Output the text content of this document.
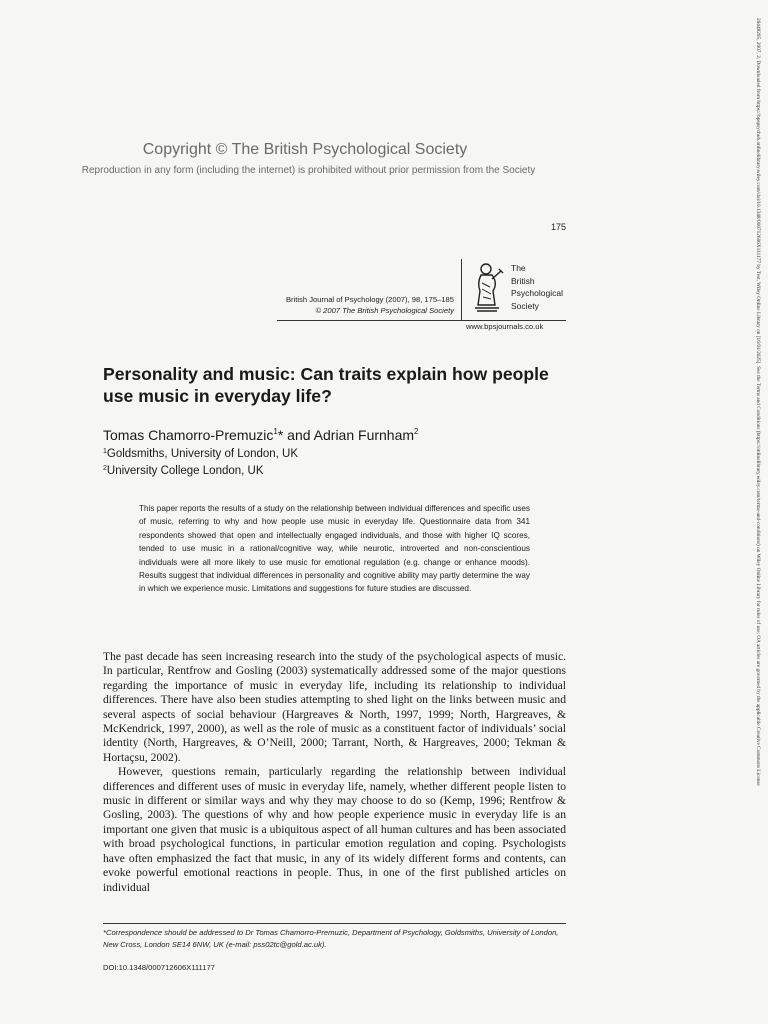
Copyright © The British Psychological Society
Reproduction in any form (including the internet) is prohibited without prior permission from the Society
175
British Journal of Psychology (2007), 98, 175–185
© 2007 The British Psychological Society
The
British
Psychological
Society
www.bpsjournals.co.uk
Personality and music: Can traits explain how people use music in everyday life?
Tomas Chamorro-Premuzic$^1$* and Adrian Furnham$^2$
$^1$Goldsmiths, University of London, UK
$^2$University College London, UK
This paper reports the results of a study on the relationship between individual differences and specific uses of music, referring to why and how people use music in everyday life. Questionnaire data from 341 respondents showed that open and intellectually engaged individuals, and those with higher IQ scores, tended to use music in a rational/cognitive way, while neurotic, introverted and non-conscientious individuals were all more likely to use music for emotional regulation (e.g. change or enhance moods). Results suggest that individual differences in personality and cognitive ability may partly determine the way in which we experience music. Limitations and suggestions for future studies are discussed.

The past decade has seen increasing research into the study of the psychological aspects of music. In particular, Rentfrow and Gosling (2003) systematically addressed some of the major questions regarding the importance of music in everyday life, including its relationship to individual differences. There have also been studies attempting to shed light on the links between music and several aspects of social behaviour (Hargreaves & North, 1997, 1999; North, Hargreaves, & McKendrick, 1997, 2000), as well as the role of music as a constituent factor of individuals’ social identity (North, Hargreaves, & O’Neill, 2000; Tarrant, North, & Hargreaves, 2000; Tekman & Hortaçsu, 2002).

However, questions remain, particularly regarding the relationship between individual differences and different uses of music in everyday life, namely, whether different people listen to music in different or similar ways and why they may choose to do so (Kemp, 1996; Rentfrow & Gosling, 2003). The questions of why and how people experience music in everyday life is an important one given that music is a ubiquitous aspect of all human cultures and has been associated with broad psychological functions, in particular emotion regulation and coping. Psychologists have often emphasized the fact that music, in any of its widely different forms and contents, can evoke powerful emotional reactions in people. Thus, in one of the first published articles on individual

*Correspondence should be addressed to Dr Tomas Chamorro-Premuzic, Department of Psychology, Goldsmiths, University of London, New Cross, London SE14 6NW, UK (e-mail: pss02tc@gold.ac.uk).
DOI:10.1348/000712606X111177
20448295, 2007, 2, Downloaded from https://bpspsychub.onlinelibrary.wiley.com/doi/10.1348/000712606X111177 by Test, Wiley Online Library on [16/01/2025]. See the Terms and Conditions (https://onlinelibrary.wiley.com/terms-and-conditions) on Wiley Online Library for rules of use; OA articles are governed by the applicable Creative Commons License
